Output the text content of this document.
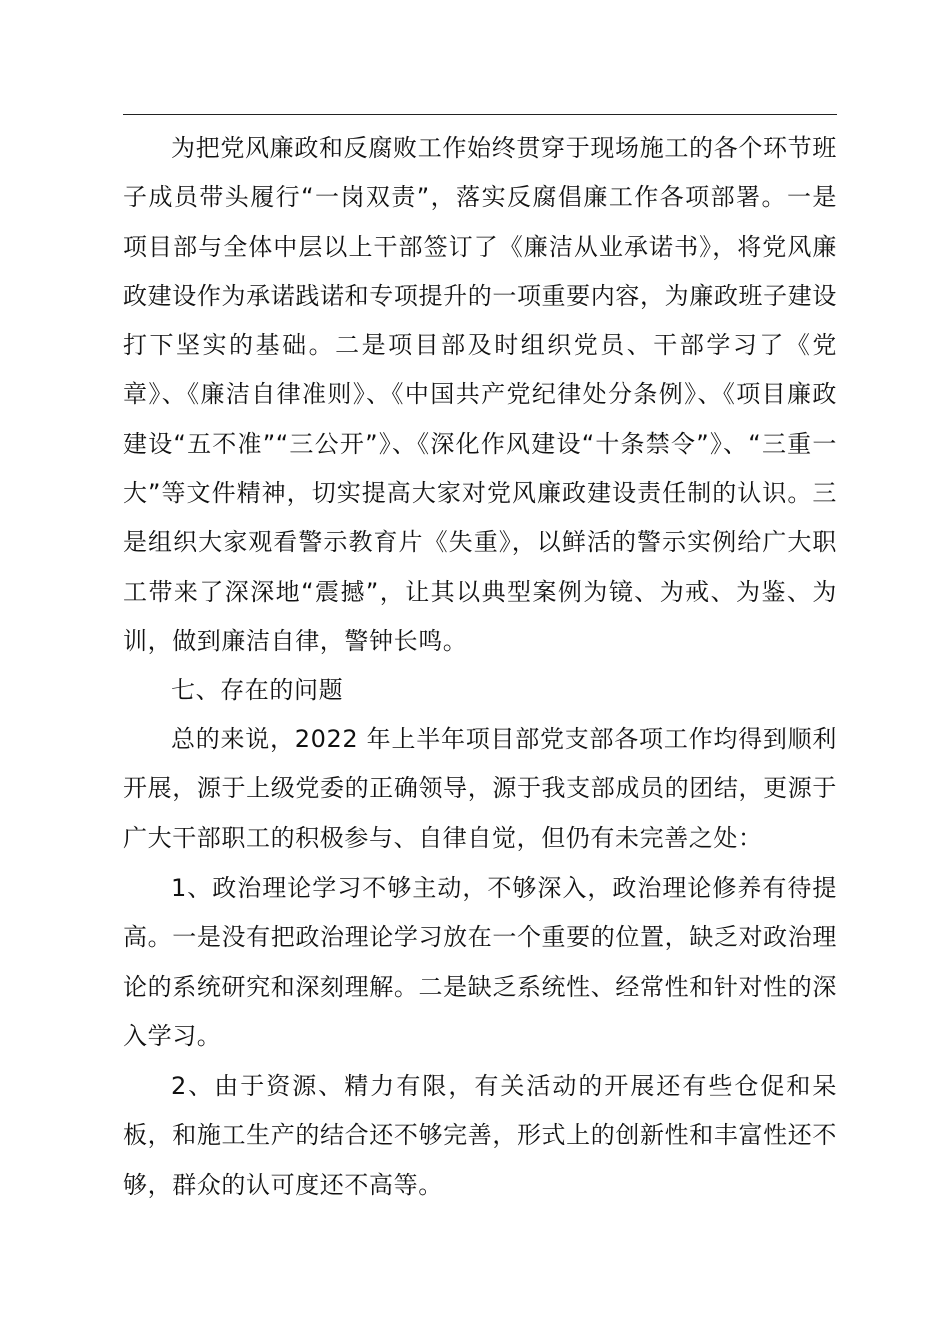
为把党风廉政和反腐败工作始终贯穿于现场施工的各个环节班子成员带头履行“一岗双责”，落实反腐倡廉工作各项部署。一是项目部与全体中层以上干部签订了《廉洁从业承诺书》，将党风廉政建设作为承诺践诺和专项提升的一项重要内容，为廉政班子建设打下坚实的基础。二是项目部及时组织党员、干部学习了《党章》、《廉洁自律准则》、《中国共产党纪律处分条例》、《项目廉政建设“五不准”“三公开”》、《深化作风建设“十条禁令”》、“三重一大”等文件精神，切实提高大家对党风廉政建设责任制的认识。三是组织大家观看警示教育片《失重》，以鲜活的警示实例给广大职工带来了深深地“震撼”，让其以典型案例为镜、为戒、为鉴、为训，做到廉洁自律，警钟长鸣。

七、存在的问题

总的来说，2022 年上半年项目部党支部各项工作均得到顺利开展，源于上级党委的正确领导，源于我支部成员的团结，更源于广大干部职工的积极参与、自律自觉，但仍有未完善之处：

1、政治理论学习不够主动，不够深入，政治理论修养有待提高。一是没有把政治理论学习放在一个重要的位置，缺乏对政治理论的系统研究和深刻理解。二是缺乏系统性、经常性和针对性的深入学习。

2、由于资源、精力有限，有关活动的开展还有些仓促和呆板，和施工生产的结合还不够完善，形式上的创新性和丰富性还不够，群众的认可度还不高等。
